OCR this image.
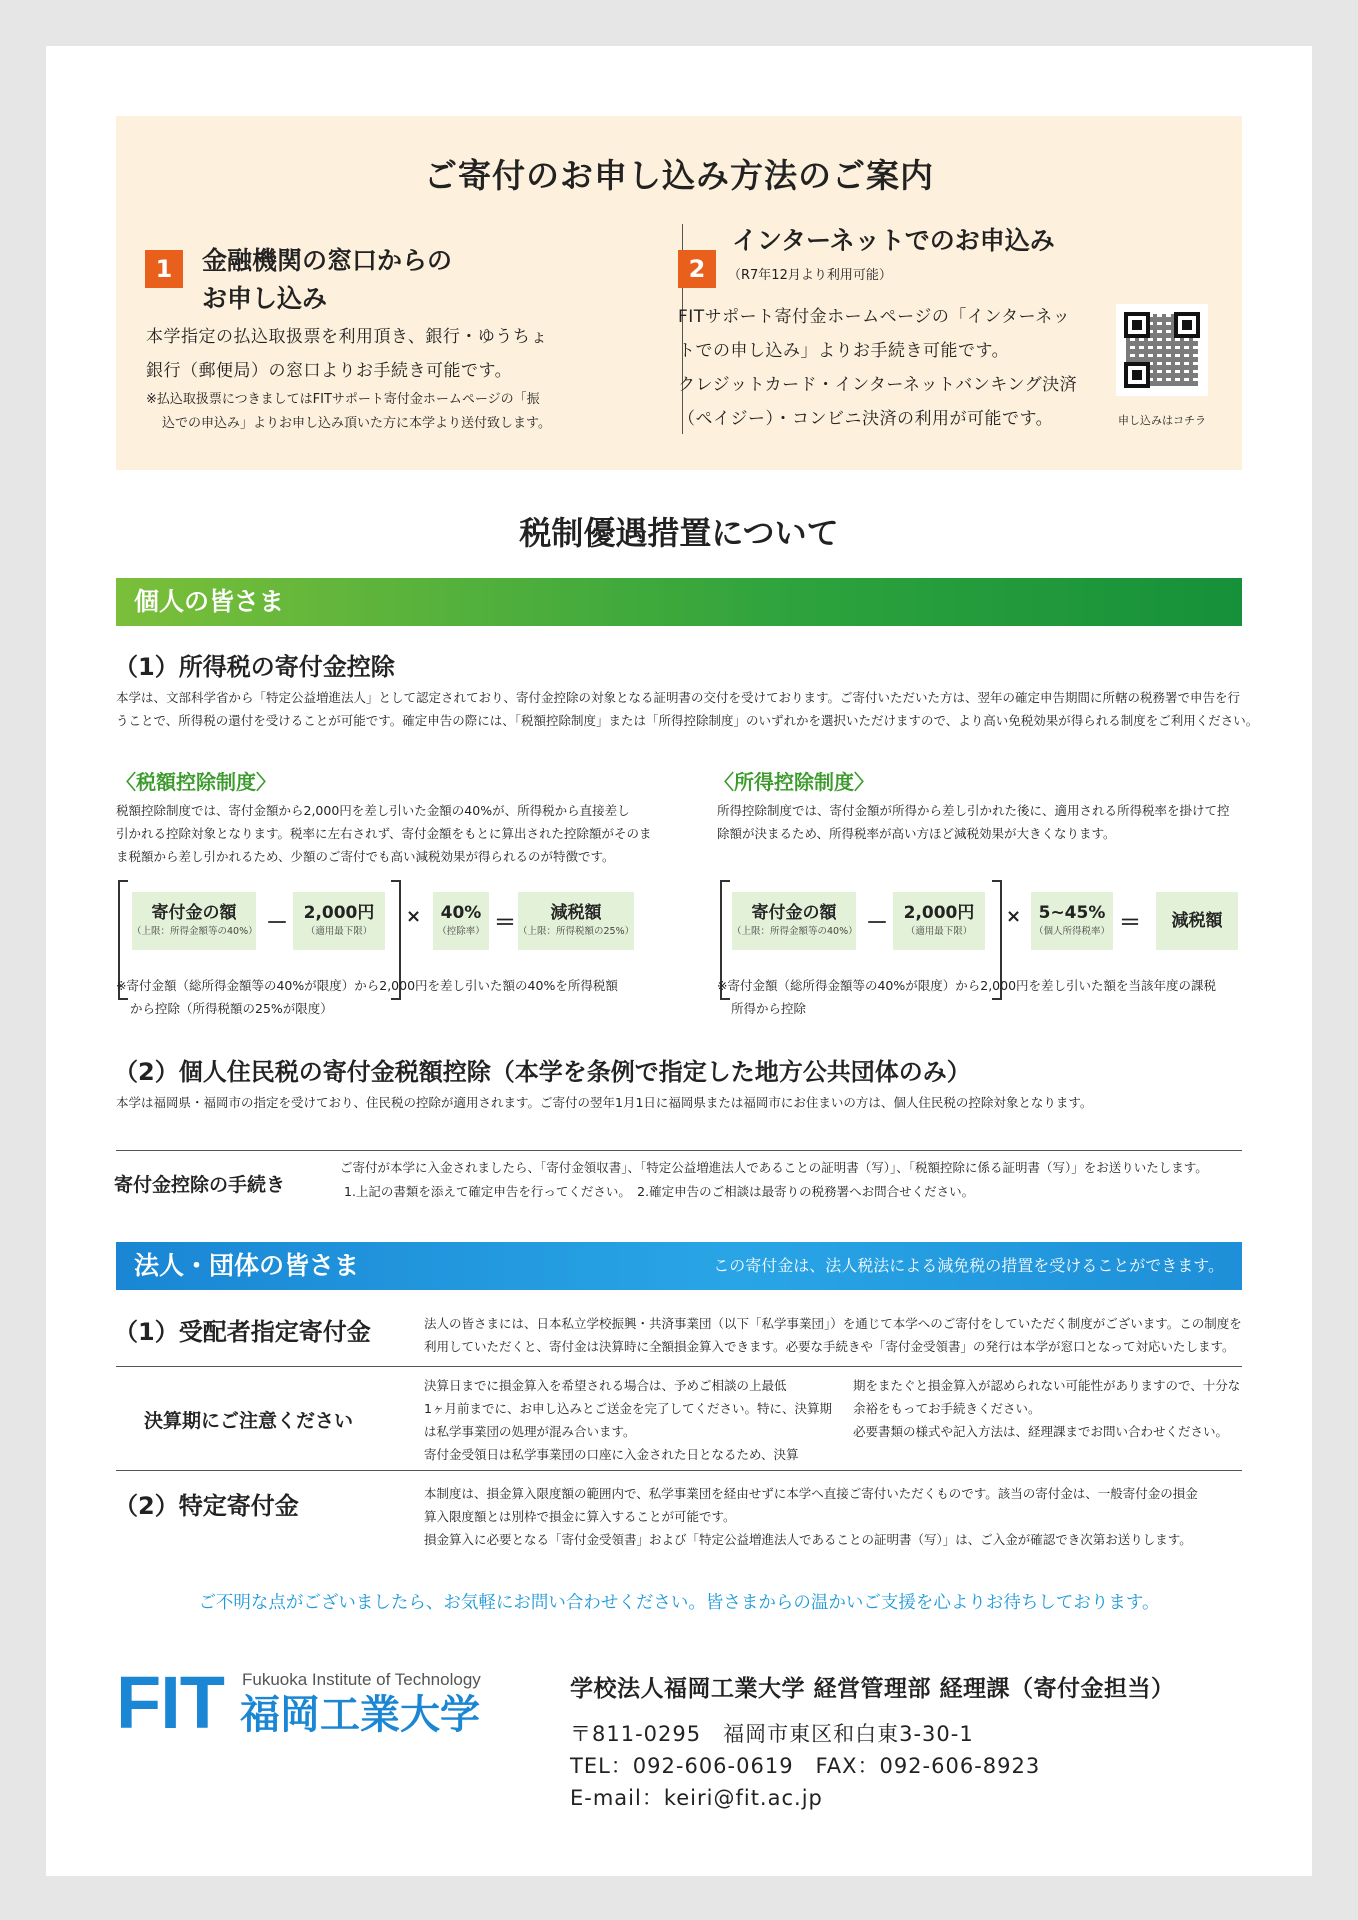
ご寄付のお申し込み方法のご案内
1	金融機関の窓口からの
お申し込み
本学指定の払込取扱票を利用頂き、銀行・ゆうちょ
銀行（郵便局）の窓口よりお手続き可能です。
※払込取扱票につきましてはFITサポート寄付金ホームページの「振
込での申込み」よりお申し込み頂いた方に本学より送付致します。
2
インターネットでのお申込み
（R7年12月より利用可能）
FITサポート寄付金ホームページの「インターネッ
トでの申し込み」よりお手続き可能です。
クレジットカード・インターネットバンキング決済
（ペイジー）・コンビニ決済の利用が可能です。	申し込みはコチラ
税制優遇措置について
個人の皆さま
（1）所得税の寄付金控除
本学は、文部科学省から「特定公益増進法人」として認定されており、寄付金控除の対象となる証明書の交付を受けております。ご寄付いただいた方は、翌年の確定申告期間に所轄の税務署で申告を行
うことで、所得税の還付を受けることが可能です。確定申告の際には、「税額控除制度」または「所得控除制度」のいずれかを選択いただけますので、より高い免税効果が得られる制度をご利用ください。
〈税額控除制度〉
税額控除制度では、寄付金額から2,000円を差し引いた金額の40%が、所得税から直接差し
引かれる控除対象となります。税率に左右されず、寄付金額をもとに算出された控除額がそのま
ま税額から差し引かれるため、少額のご寄付でも高い減税効果が得られるのが特徴です。
寄付金の額
（上限：所得金額等の40%） － 2,000円
（適用最下限）
×	40%
（控除率） ＝	減税額
（上限：所得税額の25%）
※寄付金額（総所得金額等の40%が限度）から2,000円を差し引いた額の40%を所得税額
から控除（所得税額の25%が限度）
〈所得控除制度〉
所得控除制度では、寄付金額が所得から差し引かれた後に、適用される所得税率を掛けて控
除額が決まるため、所得税率が高い方ほど減税効果が大きくなります。
寄付金の額
（上限：所得金額等の40%） － 2,000円
（適用最下限）
×	5~45%
（個人所得税率） ＝	減税額
※寄付金額（総所得金額等の40%が限度）から2,000円を差し引いた額を当該年度の課税
所得から控除
（2）個人住民税の寄付金税額控除（本学を条例で指定した地方公共団体のみ）
本学は福岡県・福岡市の指定を受けており、住民税の控除が適用されます。ご寄付の翌年1月1日に福岡県または福岡市にお住まいの方は、個人住民税の控除対象となります。
寄付金控除の手続き
ご寄付が本学に入金されましたら、「寄付金領収書」、「特定公益増進法人であることの証明書（写）」、「税額控除に係る証明書（写）」をお送りいたします。
1.上記の書類を添えて確定申告を行ってください。　2.確定申告のご相談は最寄りの税務署へお問合せください。
法人・団体の皆さま	この寄付金は、法人税法による減免税の措置を受けることができます。
（1）受配者指定寄付金	法人の皆さまには、日本私立学校振興・共済事業団（以下「私学事業団」）を通じて本学へのご寄付をしていただく制度がございます。この制度を
利用していただくと、寄付金は決算時に全額損金算入できます。必要な手続きや「寄付金受領書」の発行は本学が窓口となって対応いたします。
決算期にご注意ください
決算日までに損金算入を希望される場合は、予めご相談の上最低
1ヶ月前までに、お申し込みとご送金を完了してください。特に、決算期
は私学事業団の処理が混み合います。
寄付金受領日は私学事業団の口座に入金された日となるため、決算
期をまたぐと損金算入が認められない可能性がありますので、十分な
余裕をもってお手続きください。
必要書類の様式や記入方法は、経理課までお問い合わせください。
（2）特定寄付金	本制度は、損金算入限度額の範囲内で、私学事業団を経由せずに本学へ直接ご寄付いただくものです。該当の寄付金は、一般寄付金の損金
算入限度額とは別枠で損金に算入することが可能です。
損金算入に必要となる「寄付金受領書」および「特定公益増進法人であることの証明書（写）」は、ご入金が確認でき次第お送りします。
ご不明な点がございましたら、お気軽にお問い合わせください。皆さまからの温かいご支援を心よりお待ちしております。
FIT Fukuoka Institute of Technology
福岡工業大学
学校法人福岡工業大学 経営管理部 経理課（寄付金担当）
〒811-0295　福岡市東区和白東3-30-1
TEL：092-606-0619　FAX：092-606-8923
E-mail：keiri@fit.ac.jp
